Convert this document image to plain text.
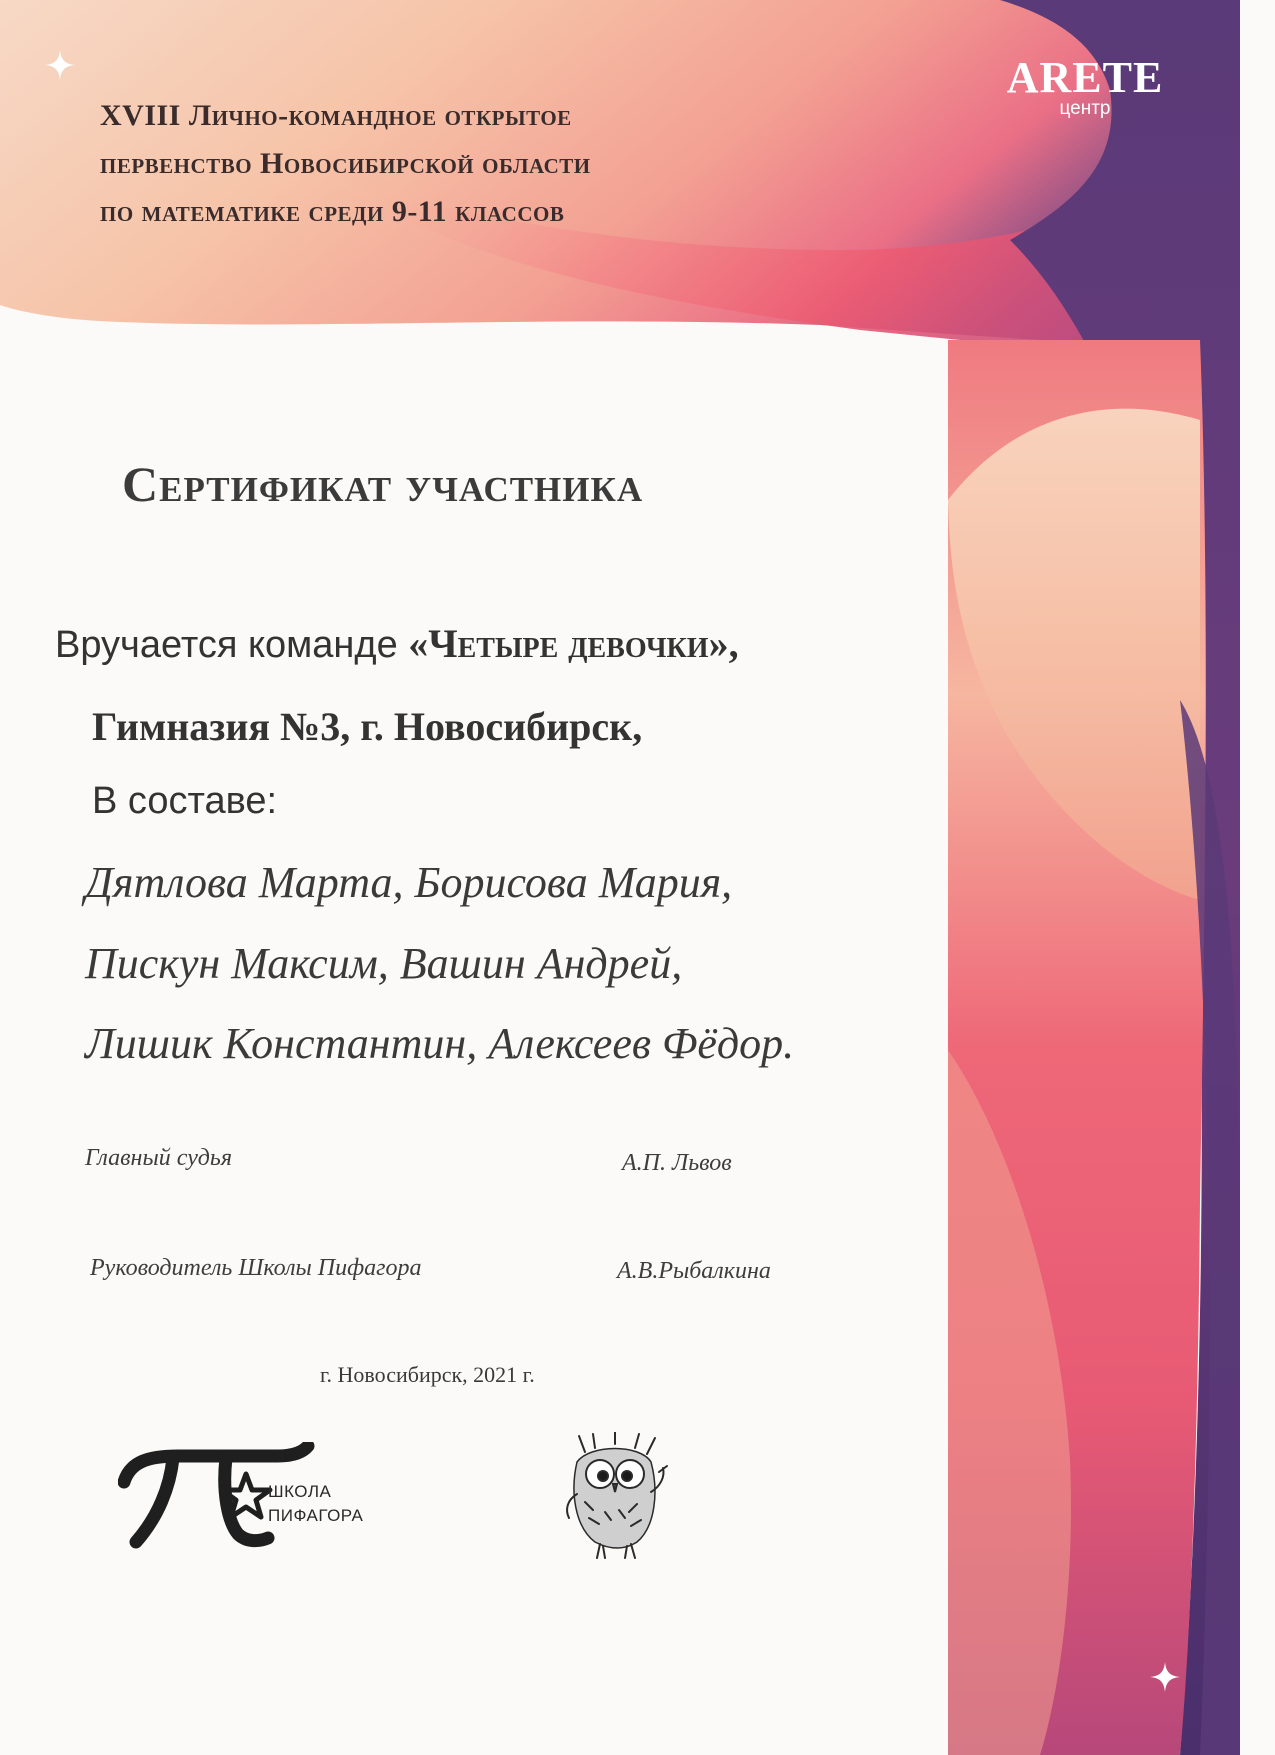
XVIII Лично-командное открытое
первенство Новосибирской области
по математике среди 9-11 классов
ARETE
центр
Сертификат участника
Вручается команде «Четыре девочки»,
Гимназия №3, г. Новосибирск,
В составе:
Дятлова Марта, Борисова Мария,
Пискун Максим, Вашин Андрей,
Лишик Константин, Алексеев Фёдор.
Главный судья	А.П. Львов
Руководитель Школы Пифагора	А.В.Рыбалкина
г. Новосибирск, 2021 г.
ШКОЛА
ПИФАГОРА
